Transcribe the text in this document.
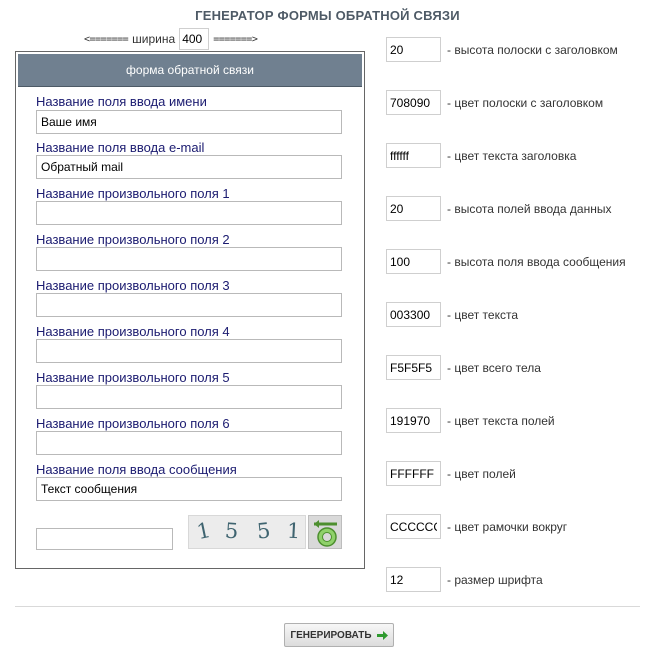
ГЕНЕРАТОР ФОРМЫ ОБРАТНОЙ СВЯЗИ
<======= ширина
400	=======>
форма обратной связи
Название поля ввода имени
Ваше имя
Название поля ввода e-mail
Обратный mail
Название произвольного поля 1
Название произвольного поля 2
Название произвольного поля 3
Название произвольного поля 4
Название произвольного поля 5
Название произвольного поля 6
Название поля ввода сообщения
Текст сообщения
1 5 5 1
20
- высота полоски с заголовком
708090
- цвет полоски с заголовком
ffffff
- цвет текста заголовка
20
- высота полей ввода данных
100
- высота поля ввода сообщения
003300
- цвет текста
F5F5F5
- цвет всего тела
191970
- цвет текста полей
FFFFFF
- цвет полей
CCCCCC
- цвет рамочки вокруг
12
- размер шрифта
ГЕНЕРИРОВАТЬ
